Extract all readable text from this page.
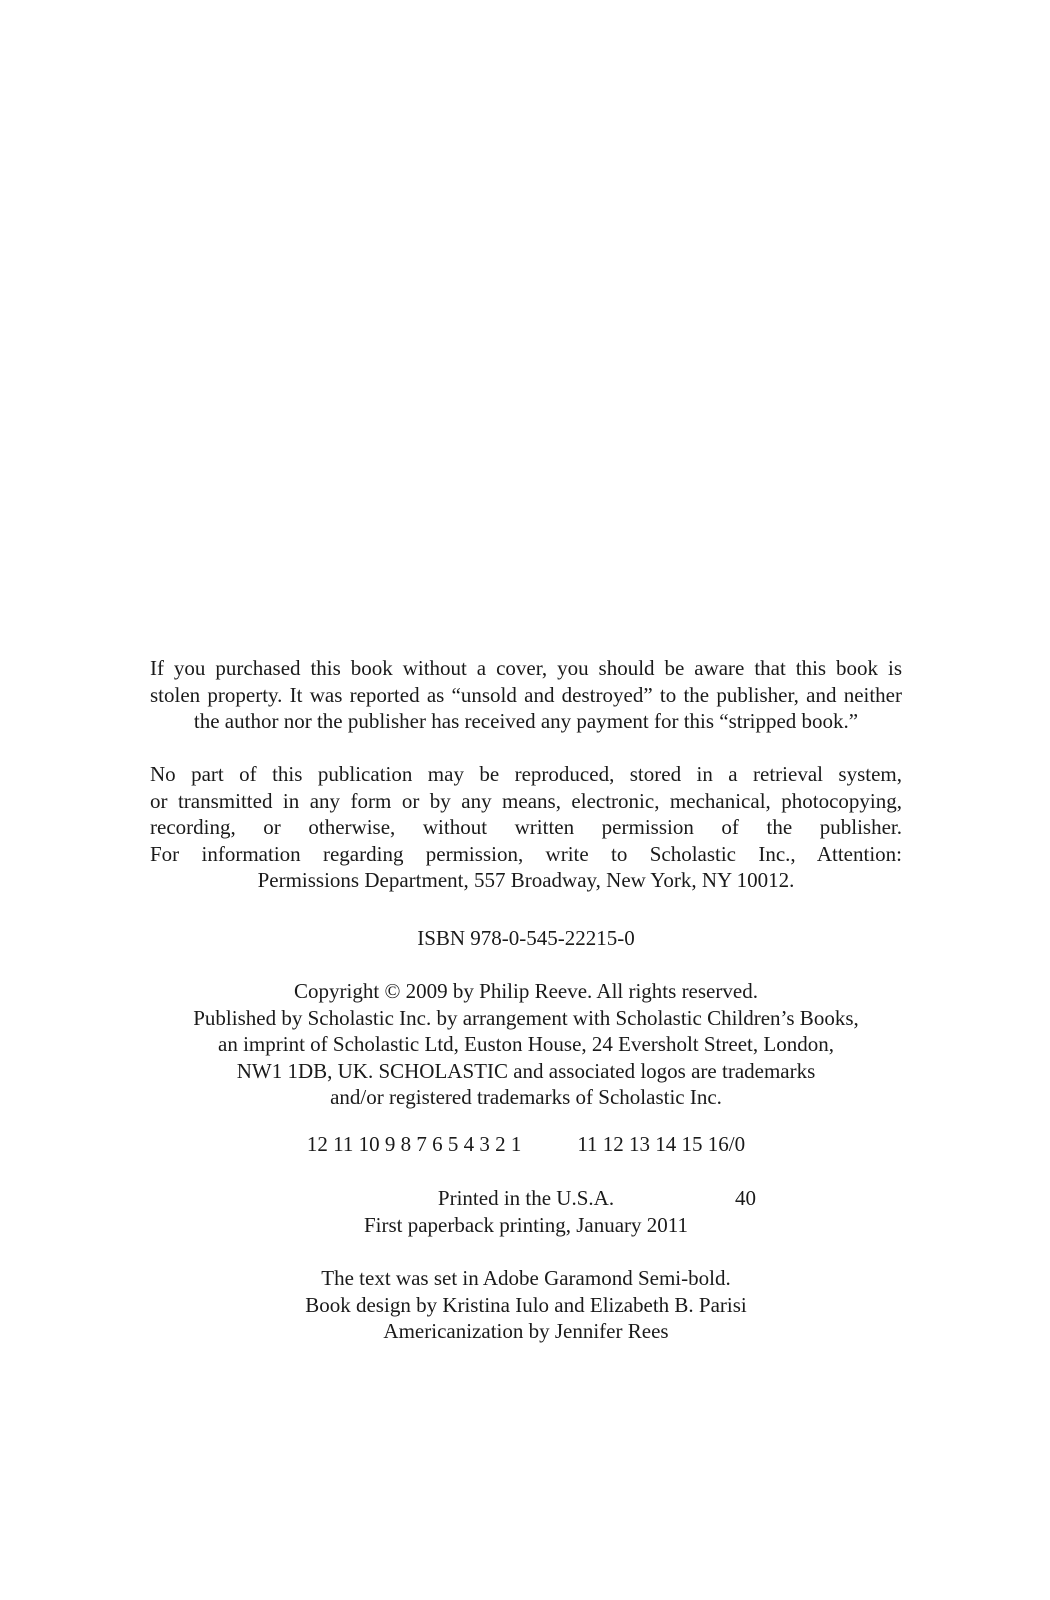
If you purchased this book without a cover, you should be aware that this book is
stolen property. It was reported as “unsold and destroyed” to the publisher, and neither
the author nor the publisher has received any payment for this “stripped book.”
No part of this publication may be reproduced, stored in a retrieval system,
or transmitted in any form or by any means, electronic, mechanical, photocopying,
recording, or otherwise, without written permission of the publisher.
For information regarding permission, write to Scholastic Inc., Attention:
Permissions Department, 557 Broadway, New York, NY 10012.
ISBN 978-0-545-22215-0
Copyright © 2009 by Philip Reeve. All rights reserved.
Published by Scholastic Inc. by arrangement with Scholastic Children’s Books,
an imprint of Scholastic Ltd, Euston House, 24 Eversholt Street, London,
NW1 1DB, UK. SCHOLASTIC and associated logos are trademarks
and/or registered trademarks of Scholastic Inc.
12 11 10 9 8 7 6 5 4 3 2 1	11 12 13 14 15 16/0
Printed in the U.S.A.	40
First paperback printing, January 2011
The text was set in Adobe Garamond Semi-bold.
Book design by Kristina Iulo and Elizabeth B. Parisi
Americanization by Jennifer Rees
